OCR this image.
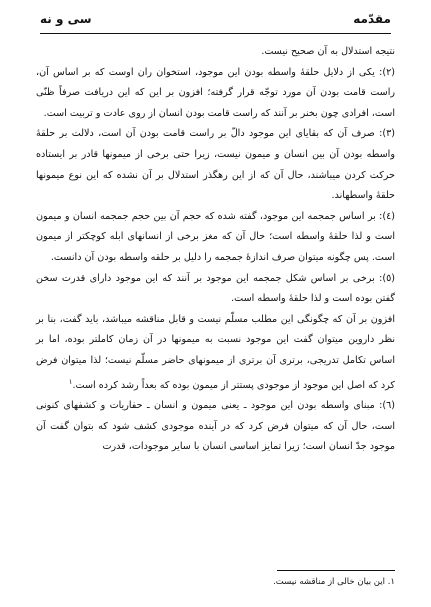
مقدّمه
سی و نه

نتیجه استدلال به آن صحیح نیست.

(۲): یکی از دلایل حلقهٔ واسطه بودن این موجود، استخوان ران اوست که بر اساس آن، راست قامت بودن آن مورد توجّه قرار گرفته؛ افزون بر این که این دریافت صرفاً ظنّی است، افرادی چون بخنر بر آنند که راست قامت بودن انسان از روی عادت و تربیت است.

(۳): صرف آن که بقایای این موجود دالّ بر راست قامت بودن آن است، دلالت بر حلقهٔ واسطه بودن آن بین انسان و میمون نیست، زیرا حتی برخی از میمونها قادر بر ایستاده حرکت کردن میباشند، حال آن که از این رهگذر استدلال بر آن نشده که این نوع میمونها حلقهٔ واسطهاند.

(٤): بر اساس جمجمه این موجود، گفته شده که حجم آن بین حجم جمجمه انسان و میمون است و لذا حلقهٔ واسطه است؛ حال آن که مغز برخی از انسانهای ابله کوچکتر از میمون است. پس چگونه میتوان صرف اندازهٔ جمجمه را دلیل بر حلقه واسطه بودن آن دانست.

(٥): برخی بر اساس شکل جمجمه این موجود بر آنند که این موجود دارای قدرت سخن گفتن بوده است و لذا حلقهٔ واسطه است.

افزون بر آن که چگونگی این مطلب مسلّم نیست و قابل مناقشه میباشد، باید گفت، بنا بر نظر داروین میتوان گفت این موجود نسبت به میمونها در آن زمان کاملتر بوده، اما بر اساس تکامل تدریجی، برتری آن برتری از میمونهای حاضر مسلّم نیست؛ لذا میتوان فرض کرد که اصل این موجود از موجودی پستتر از میمون بوده که بعداً رشد کرده است.$^۱$

(٦): مبنای واسطه بودن این موجود ـ یعنی میمون و انسان ـ حفاریات و کشفهای کنونی است، حال آن که میتوان فرض کرد که در آینده موجودی کشف شود که بتوان گفت آن موجود جدّ انسان است؛ زیرا تمایز اساسی انسان با سایر موجودات، قدرت

۱. این بیان خالی از مناقشه نیست.
